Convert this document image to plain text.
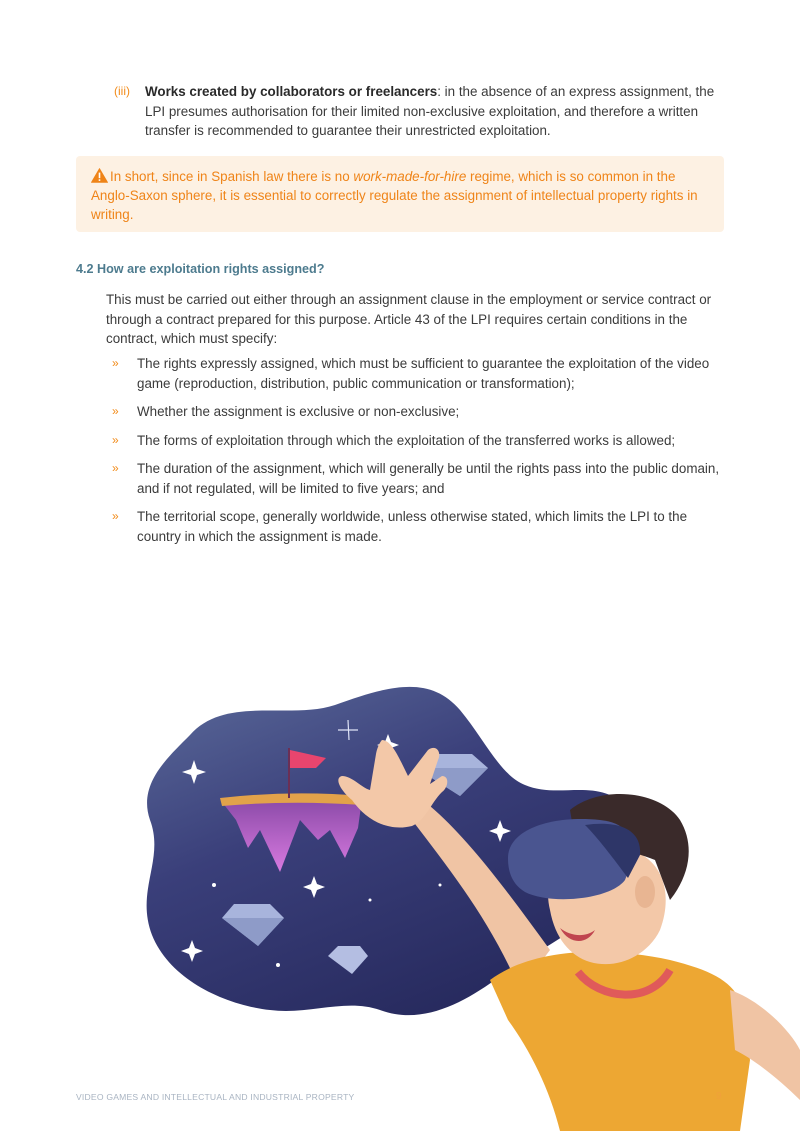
(iii) Works created by collaborators or freelancers: in the absence of an express assignment, the LPI presumes authorisation for their limited non-exclusive exploitation, and therefore a written transfer is recommended to guarantee their unrestricted exploitation.
In short, since in Spanish law there is no work-made-for-hire regime, which is so common in the Anglo-Saxon sphere, it is essential to correctly regulate the assignment of intellectual property rights in writing.
4.2 How are exploitation rights assigned?
This must be carried out either through an assignment clause in the employment or service contract or through a contract prepared for this purpose. Article 43 of the LPI requires certain conditions in the contract, which must specify:
» The rights expressly assigned, which must be sufficient to guarantee the exploitation of the video game (reproduction, distribution, public communication or transformation);
» Whether the assignment is exclusive or non-exclusive;
» The forms of exploitation through which the exploitation of the transferred works is allowed;
» The duration of the assignment, which will generally be until the rights pass into the public domain, and if not regulated, will be limited to five years; and
» The territorial scope, generally worldwide, unless otherwise stated, which limits the LPI to the country in which the assignment is made.
VIDEO GAMES AND INTELLECTUAL AND INDUSTRIAL PROPERTY	9
